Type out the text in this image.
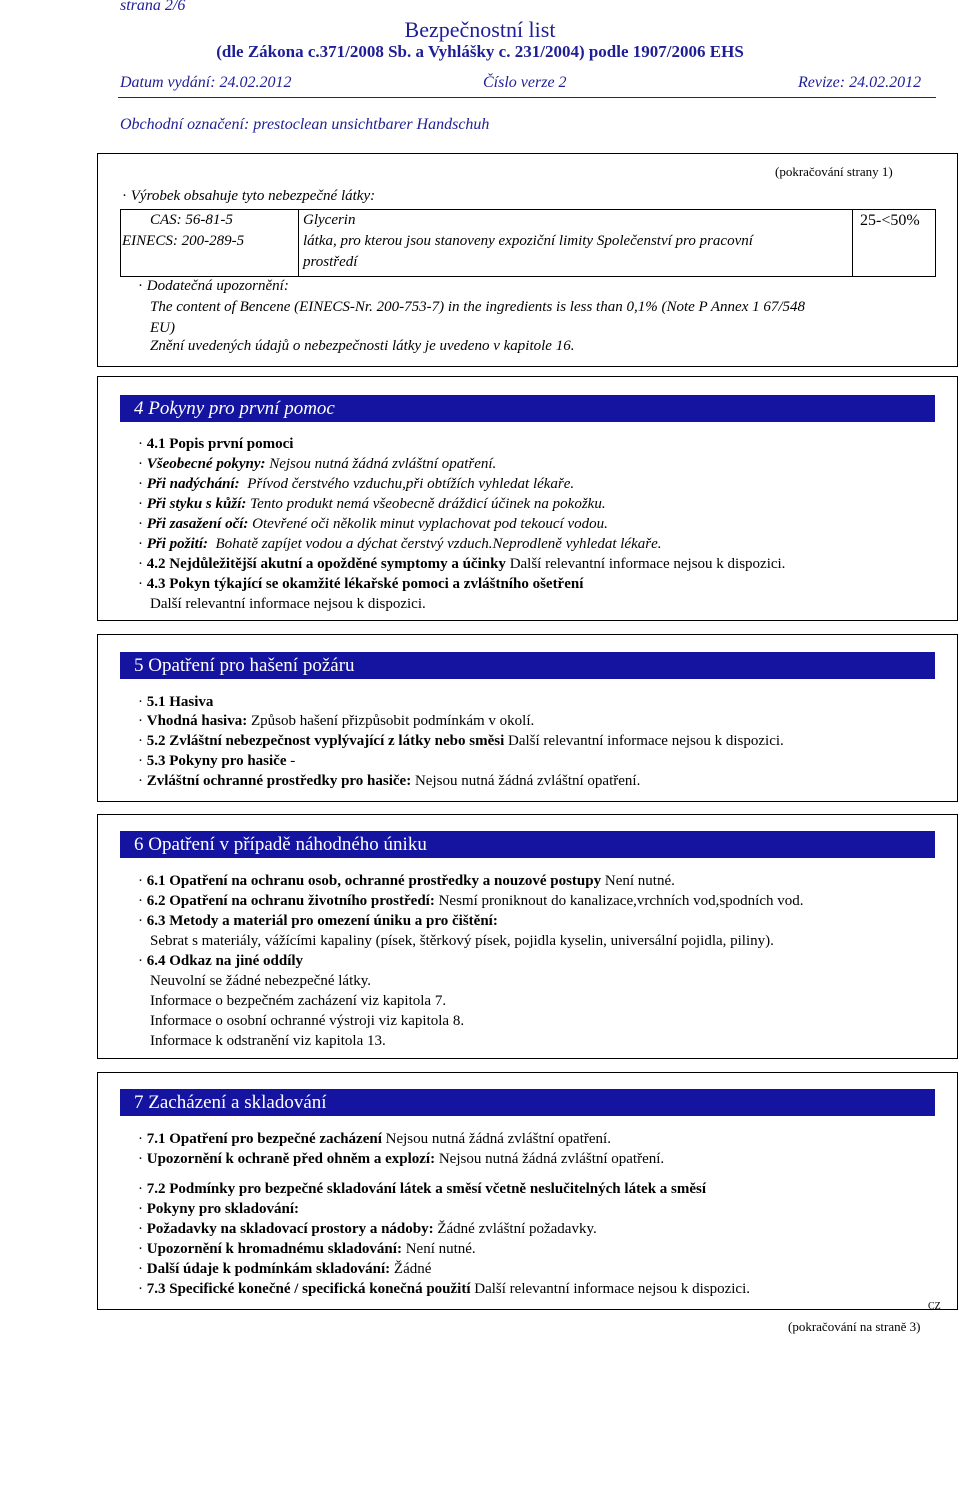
strana 2/6
Bezpečnostní list
(dle Zákona c.371/2008 Sb. a Vyhlášky c. 231/2004) podle 1907/2006 EHS
Datum vydání: 24.02.2012	Číslo verze 2	Revize: 24.02.2012
Obchodní označení: prestoclean unsichtbarer Handschuh
(pokračování strany 1)
· Výrobek obsahuje tyto nebezpečné látky:
CAS: 56-81-5
EINECS: 200-289-5
Glycerin
látka, pro kterou jsou stanoveny expoziční limity Společenství pro pracovní
prostředí
25-<50%
· Dodatečná upozornění:
The content of Bencene (EINECS-Nr. 200-753-7) in the ingredients is less than 0,1% (Note P Annex 1 67/548
EU)
Znění uvedených údajů o nebezpečnosti látky je uvedeno v kapitole 16.
4 Pokyny pro první pomoc
· 4.1 Popis první pomoci
· Všeobecné pokyny: Nejsou nutná žádná zvláštní opatření.
· Při nadýchání: Přívod čerstvého vzduchu,při obtížích vyhledat lékaře.
· Při styku s kůží: Tento produkt nemá všeobecně dráždicí účinek na pokožku.
· Při zasažení očí: Otevřené oči několik minut vyplachovat pod tekoucí vodou.
· Při požití: Bohatě zapíjet vodou a dýchat čerstvý vzduch.Neprodleně vyhledat lékaře.
· 4.2 Nejdůležitější akutní a opožděné symptomy a účinky Další relevantní informace nejsou k dispozici.
· 4.3 Pokyn týkající se okamžité lékařské pomoci a zvláštního ošetření
Další relevantní informace nejsou k dispozici.
5 Opatření pro hašení požáru
· 5.1 Hasiva
· Vhodná hasiva: Způsob hašení přizpůsobit podmínkám v okolí.
· 5.2 Zvláštní nebezpečnost vyplývající z látky nebo směsi Další relevantní informace nejsou k dispozici.
· 5.3 Pokyny pro hasiče -
· Zvláštní ochranné prostředky pro hasiče: Nejsou nutná žádná zvláštní opatření.
6 Opatření v případě náhodného úniku
· 6.1 Opatření na ochranu osob, ochranné prostředky a nouzové postupy Není nutné.
· 6.2 Opatření na ochranu životního prostředí: Nesmí proniknout do kanalizace,vrchních vod,spodních vod.
· 6.3 Metody a materiál pro omezení úniku a pro čištění:
Sebrat s materiály, vážícími kapaliny (písek, štěrkový písek, pojidla kyselin, universální pojidla, piliny).
· 6.4 Odkaz na jiné oddíly
Neuvolní se žádné nebezpečné látky.
Informace o bezpečném zacházení viz kapitola 7.
Informace o osobní ochranné výstroji viz kapitola 8.
Informace k odstranění viz kapitola 13.
7 Zacházení a skladování
· 7.1 Opatření pro bezpečné zacházení Nejsou nutná žádná zvláštní opatření.
· Upozornění k ochraně před ohněm a explozí: Nejsou nutná žádná zvláštní opatření.
· 7.2 Podmínky pro bezpečné skladování látek a směsí včetně neslučitelných látek a směsí
· Pokyny pro skladování:
· Požadavky na skladovací prostory a nádoby: Žádné zvláštní požadavky.
· Upozornění k hromadnému skladování: Není nutné.
· Další údaje k podmínkám skladování: Žádné
· 7.3 Specifické konečné / specifická konečná použití Další relevantní informace nejsou k dispozici.
CZ
(pokračování na straně 3)
